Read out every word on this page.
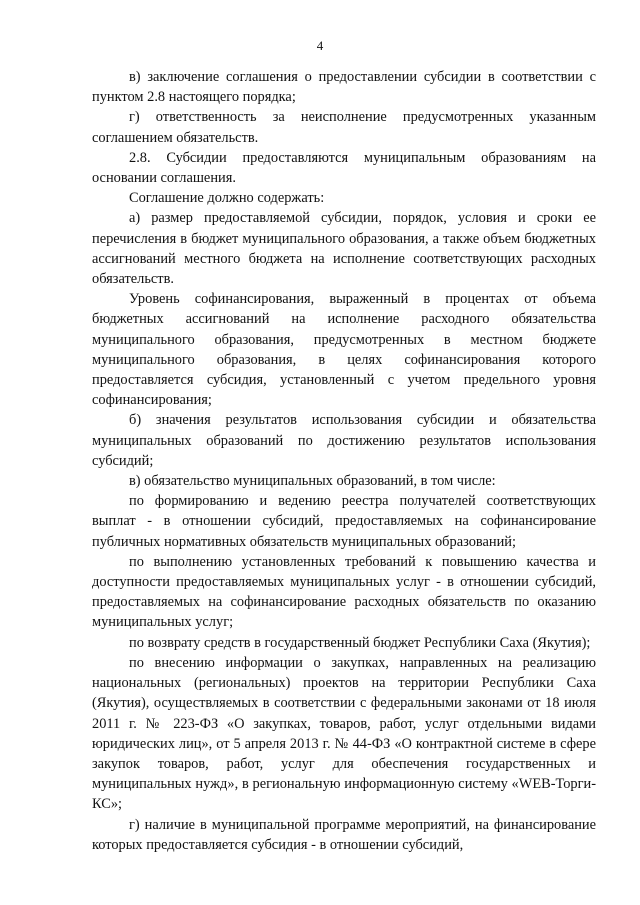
4

в) заключение соглашения о предоставлении субсидии в соответствии с пунктом 2.8 настоящего порядка;

г) ответственность за неисполнение предусмотренных указанным соглашением обязательств.

2.8. Субсидии предоставляются муниципальным образованиям на основании соглашения.

Соглашение должно содержать:

а) размер предоставляемой субсидии, порядок, условия и сроки ее перечисления в бюджет муниципального образования, а также объем бюджетных ассигнований местного бюджета на исполнение соответствующих расходных обязательств.

Уровень софинансирования, выраженный в процентах от объема бюджетных ассигнований на исполнение расходного обязательства муниципального образования, предусмотренных в местном бюджете муниципального образования, в целях софинансирования которого предоставляется субсидия, установленный с учетом предельного уровня софинансирования;

б) значения результатов использования субсидии и обязательства муниципальных образований по достижению результатов использования субсидий;

в) обязательство муниципальных образований, в том числе:

по формированию и ведению реестра получателей соответствующих выплат - в отношении субсидий, предоставляемых на софинансирование публичных нормативных обязательств муниципальных образований;

по выполнению установленных требований к повышению качества и доступности предоставляемых муниципальных услуг - в отношении субсидий, предоставляемых на софинансирование расходных обязательств по оказанию муниципальных услуг;

по возврату средств в государственный бюджет Республики Саха (Якутия);

по внесению информации о закупках, направленных на реализацию национальных (региональных) проектов на территории Республики Саха (Якутия), осуществляемых в соответствии с федеральными законами от 18 июля 2011 г. № 223-ФЗ «О закупках, товаров, работ, услуг отдельными видами юридических лиц», от 5 апреля 2013 г. № 44-ФЗ «О контрактной системе в сфере закупок товаров, работ, услуг для обеспечения государственных и муниципальных нужд», в региональную информационную систему «WEB-Торги-КС»;

г) наличие в муниципальной программе мероприятий, на финансирование которых предоставляется субсидия - в отношении субсидий,
